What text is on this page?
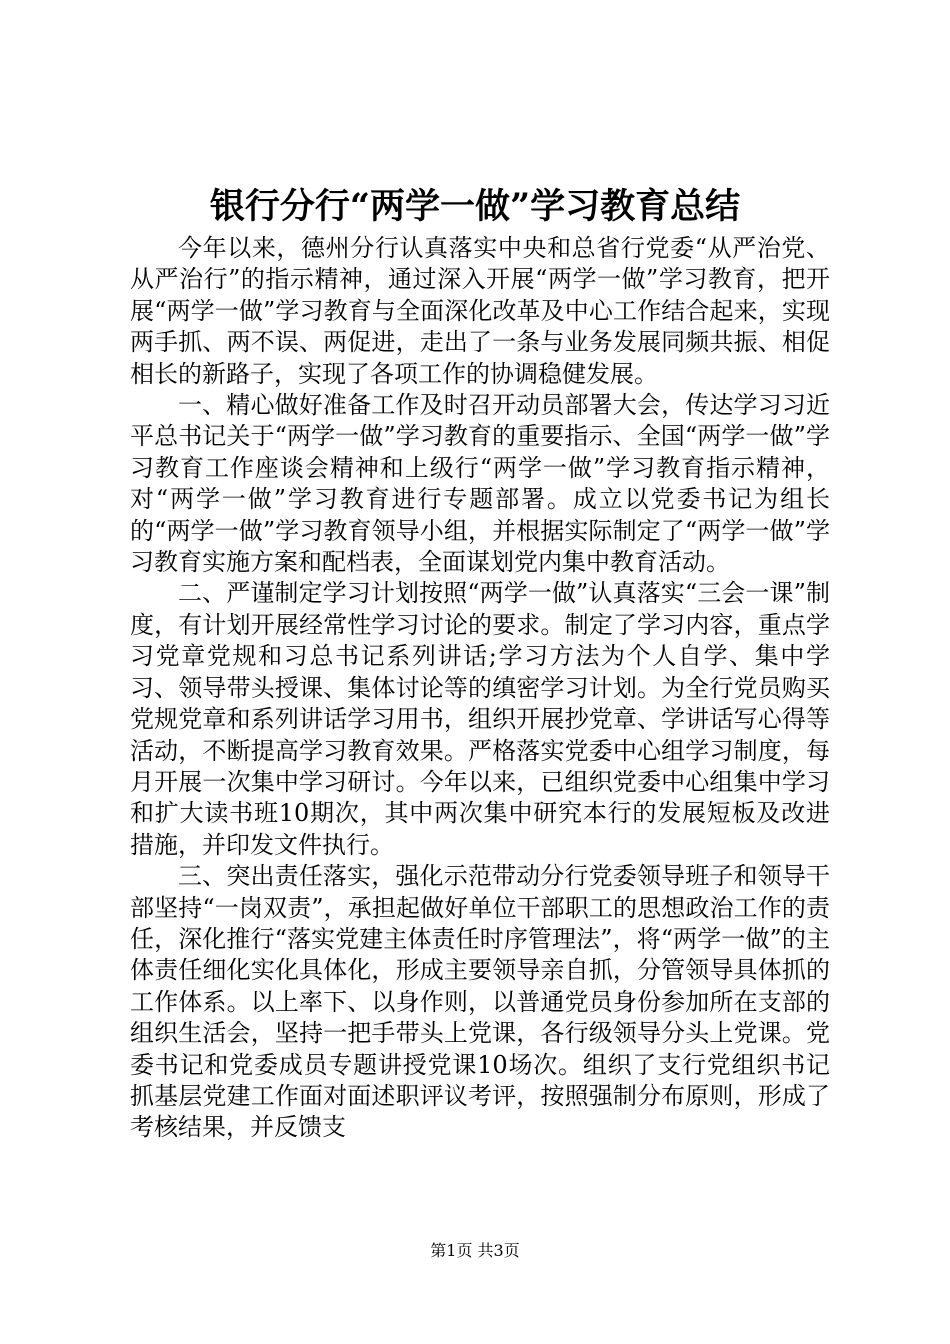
银行分行“两学一做”学习教育总结

今年以来，德州分行认真落实中央和总省行党委“从严治党、从严治行”的指示精神，通过深入开展“两学一做”学习教育，把开展“两学一做”学习教育与全面深化改革及中心工作结合起来，实现两手抓、两不误、两促进，走出了一条与业务发展同频共振、相促相长的新路子，实现了各项工作的协调稳健发展。

一、精心做好准备工作及时召开动员部署大会，传达学习习近平总书记关于“两学一做”学习教育的重要指示、全国“两学一做”学习教育工作座谈会精神和上级行“两学一做”学习教育指示精神，对“两学一做”学习教育进行专题部署。成立以党委书记为组长的“两学一做”学习教育领导小组，并根据实际制定了“两学一做”学习教育实施方案和配档表，全面谋划党内集中教育活动。

二、严谨制定学习计划按照“两学一做”认真落实“三会一课”制度，有计划开展经常性学习讨论的要求。制定了学习内容，重点学习党章党规和习总书记系列讲话;学习方法为个人自学、集中学习、领导带头授课、集体讨论等的缜密学习计划。为全行党员购买党规党章和系列讲话学习用书，组织开展抄党章、学讲话写心得等活动，不断提高学习教育效果。严格落实党委中心组学习制度，每月开展一次集中学习研讨。今年以来，已组织党委中心组集中学习和扩大读书班10期次，其中两次集中研究本行的发展短板及改进措施，并印发文件执行。

三、突出责任落实，强化示范带动分行党委领导班子和领导干部坚持“一岗双责”，承担起做好单位干部职工的思想政治工作的责任，深化推行“落实党建主体责任时序管理法”，将“两学一做”的主体责任细化实化具体化，形成主要领导亲自抓，分管领导具体抓的工作体系。以上率下、以身作则，以普通党员身份参加所在支部的组织生活会，坚持一把手带头上党课，各行级领导分头上党课。党委书记和党委成员专题讲授党课10场次。组织了支行党组织书记抓基层党建工作面对面述职评议考评，按照强制分布原则，形成了考核结果，并反馈支

第1页 共3页
